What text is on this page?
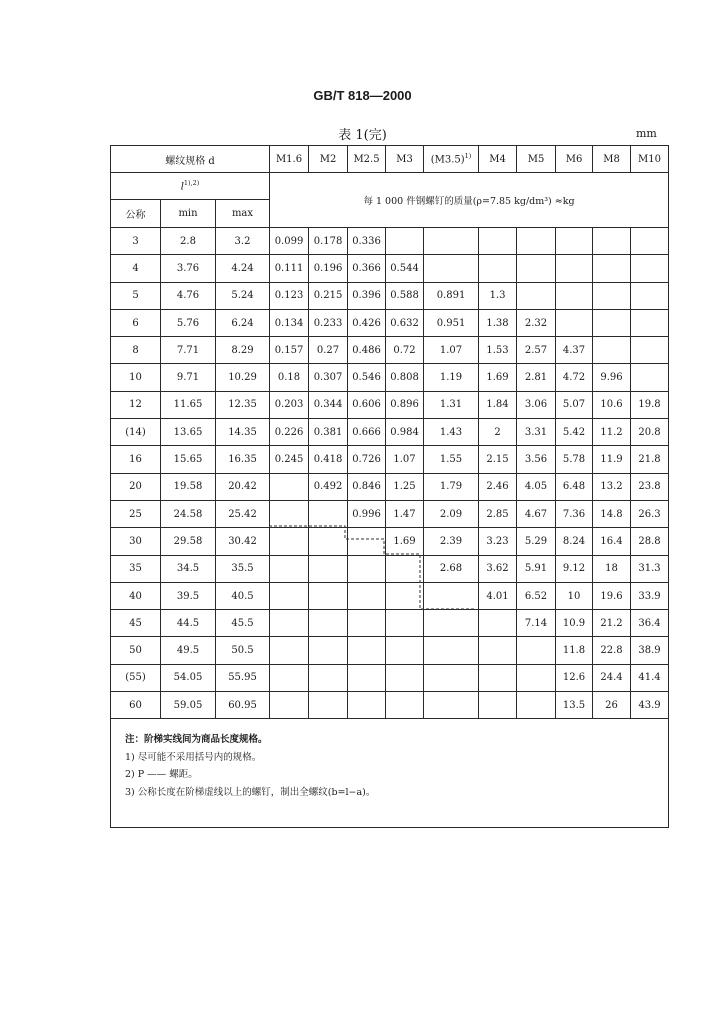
GB/T 818—2000
表 1(完)	mm
螺纹规格 d			M1.6	M2	M2.5	M3	$(M3.5)^{1)}$	M4	M5	M6	M8	M10
$l^{1),2)}$			每 1 000 件钢螺钉的质量(ρ=7.85 kg/dm³) ≈kg									
公称	min	max										
3	2.8	3.2	0.099	0.178	0.336							
4	3.76	4.24	0.111	0.196	0.366	0.544						
5	4.76	5.24	0.123	0.215	0.396	0.588	0.891	1.3				
6	5.76	6.24	0.134	0.233	0.426	0.632	0.951	1.38	2.32			
8	7.71	8.29	0.157	0.27	0.486	0.72	1.07	1.53	2.57	4.37		
10	9.71	10.29	0.18	0.307	0.546	0.808	1.19	1.69	2.81	4.72	9.96	
12	11.65	12.35	0.203	0.344	0.606	0.896	1.31	1.84	3.06	5.07	10.6	19.8
(14)	13.65	14.35	0.226	0.381	0.666	0.984	1.43	2	3.31	5.42	11.2	20.8
16	15.65	16.35	0.245	0.418	0.726	1.07	1.55	2.15	3.56	5.78	11.9	21.8
20	19.58	20.42		0.492	0.846	1.25	1.79	2.46	4.05	6.48	13.2	23.8
25	24.58	25.42			0.996	1.47	2.09	2.85	4.67	7.36	14.8	26.3
30	29.58	30.42				1.69	2.39	3.23	5.29	8.24	16.4	28.8
35	34.5	35.5					2.68	3.62	5.91	9.12	18	31.3
40	39.5	40.5						4.01	6.52	10	19.6	33.9
45	44.5	45.5							7.14	10.9	21.2	36.4
50	49.5	50.5								11.8	22.8	38.9
(55)	54.05	55.95								12.6	24.4	41.4
60	59.05	60.95								13.5	26	43.9

注：阶梯实线间为商品长度规格。
1) 尽可能不采用括号内的规格。
2) P —— 螺距。
3) 公称长度在阶梯虚线以上的螺钉，制出全螺纹(b=l−a)。												
